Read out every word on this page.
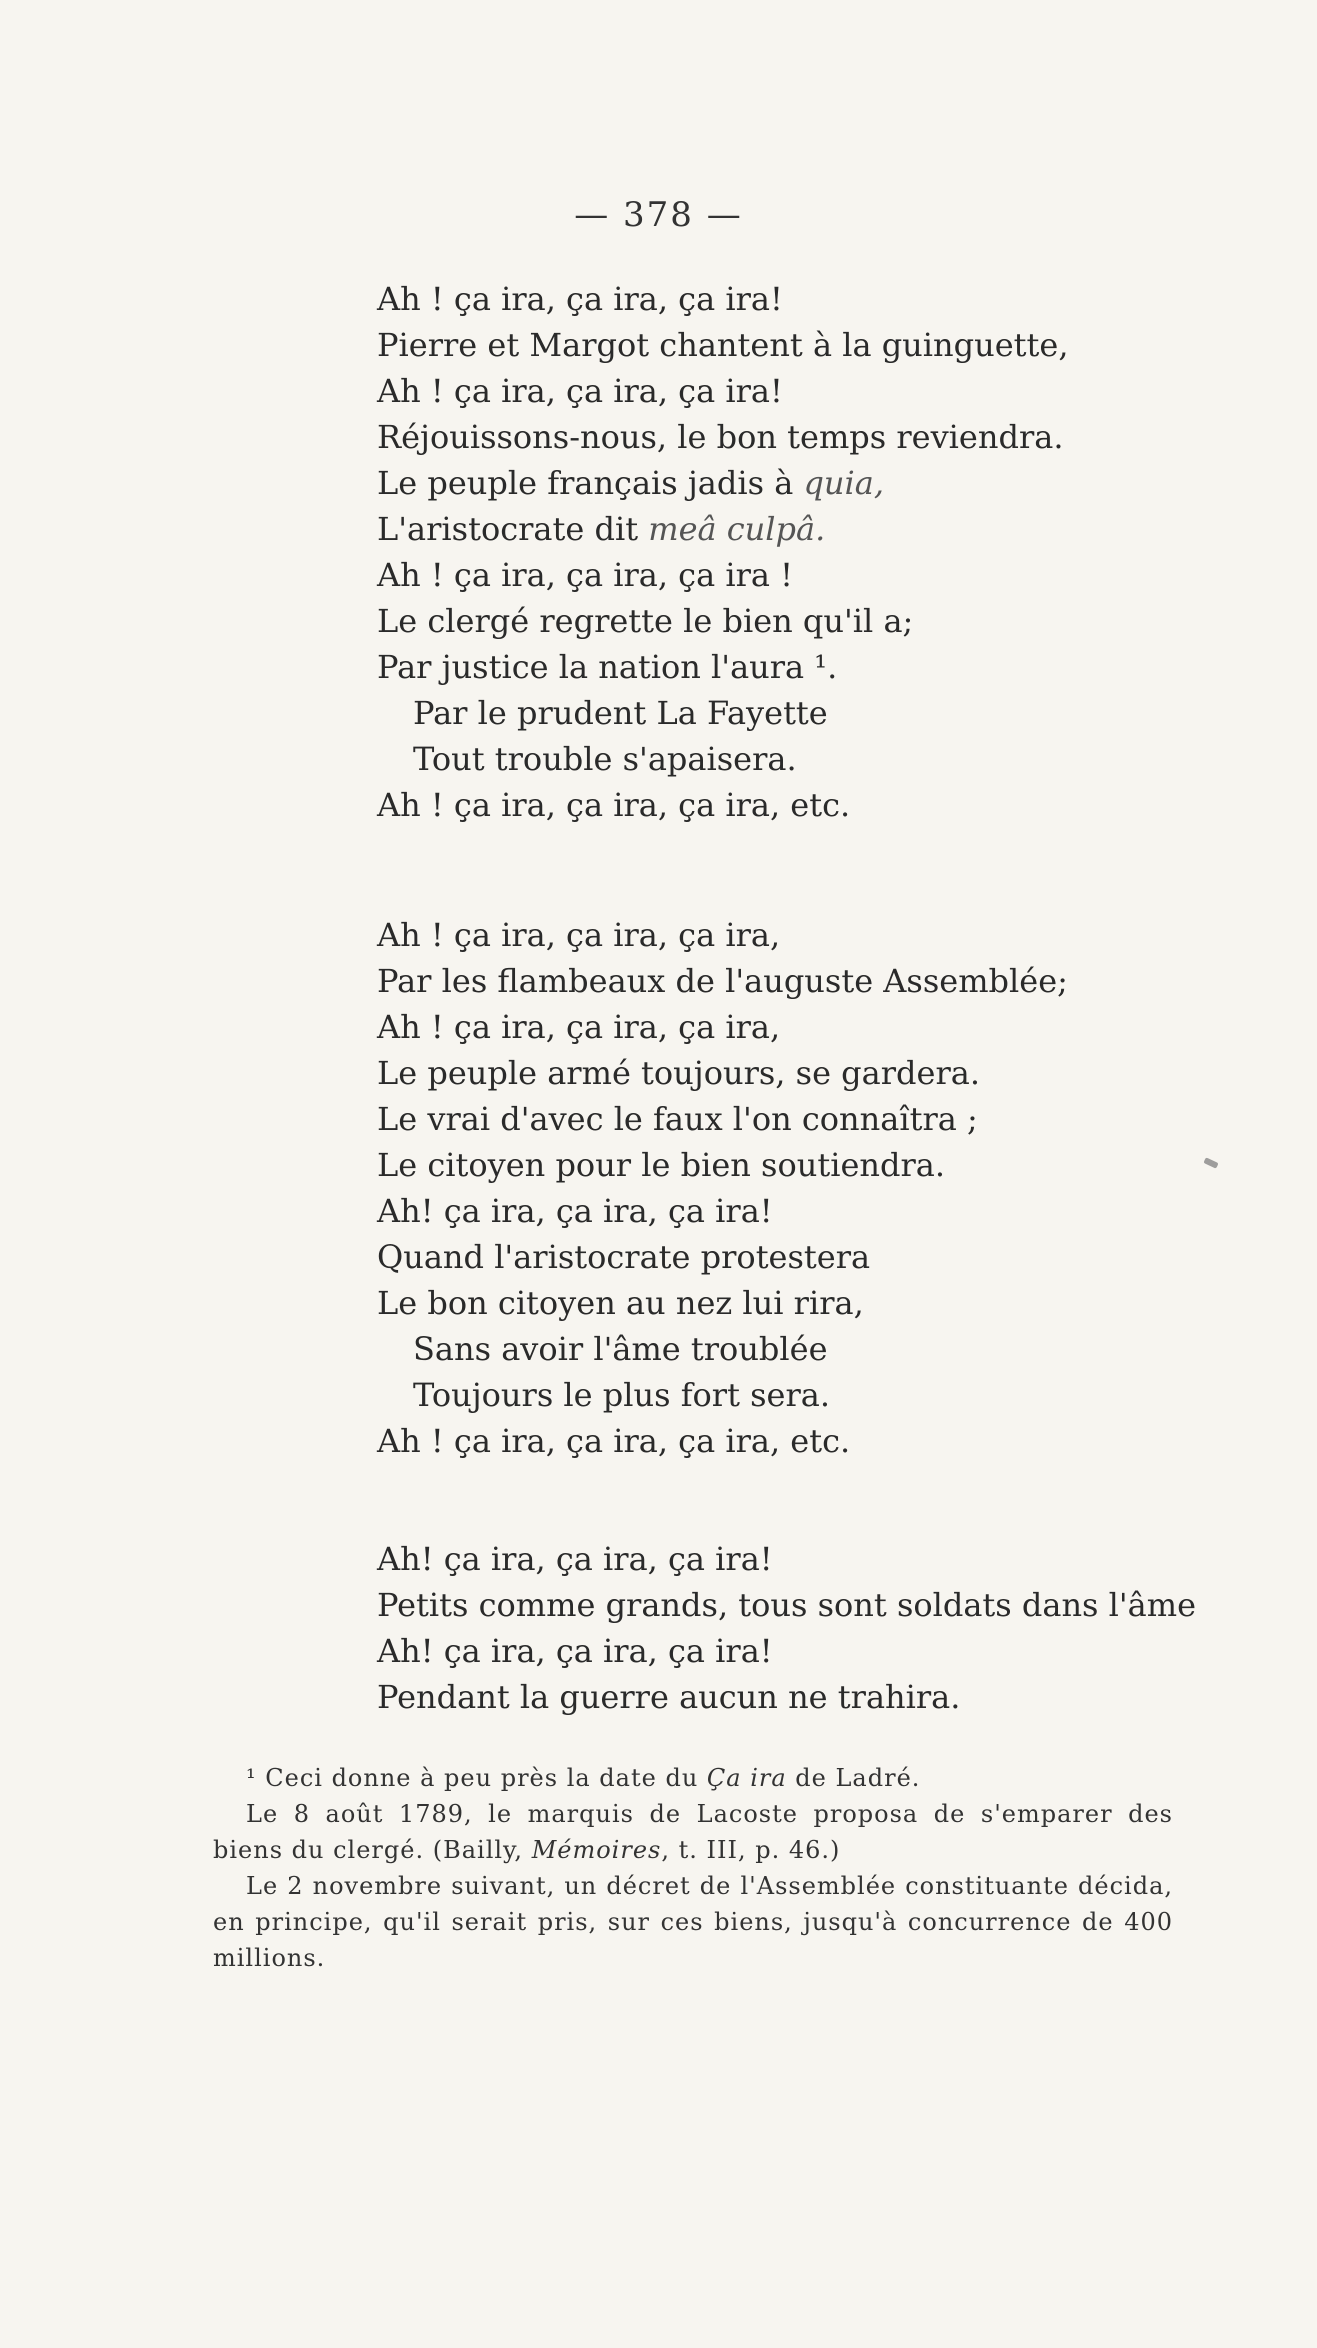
— 378 —
Ah ! ça ira, ça ira, ça ira!
Pierre et Margot chantent à la guinguette,
Ah ! ça ira, ça ira, ça ira!
Réjouissons-nous, le bon temps reviendra.
Le peuple français jadis à quia,
L'aristocrate dit meâ culpâ.
Ah ! ça ira, ça ira, ça ira !
Le clergé regrette le bien qu'il a;
Par justice la nation l'aura ¹.
Par le prudent La Fayette
Tout trouble s'apaisera.
Ah ! ça ira, ça ira, ça ira, etc.
Ah ! ça ira, ça ira, ça ira,
Par les flambeaux de l'auguste Assemblée;
Ah ! ça ira, ça ira, ça ira,
Le peuple armé toujours, se gardera.
Le vrai d'avec le faux l'on connaîtra ;
Le citoyen pour le bien soutiendra.
Ah! ça ira, ça ira, ça ira!
Quand l'aristocrate protestera
Le bon citoyen au nez lui rira,
Sans avoir l'âme troublée
Toujours le plus fort sera.
Ah ! ça ira, ça ira, ça ira, etc.
Ah! ça ira, ça ira, ça ira!
Petits comme grands, tous sont soldats dans l'âme
Ah! ça ira, ça ira, ça ira!
Pendant la guerre aucun ne trahira.
¹ Ceci donne à peu près la date du Ça ira de Ladré.
Le 8 août 1789, le marquis de Lacoste proposa de s'emparer des biens du clergé. (Bailly, Mémoires, t. III, p. 46.)
Le 2 novembre suivant, un décret de l'Assemblée constituante décida, en principe, qu'il serait pris, sur ces biens, jusqu'à concurrence de 400 millions.
